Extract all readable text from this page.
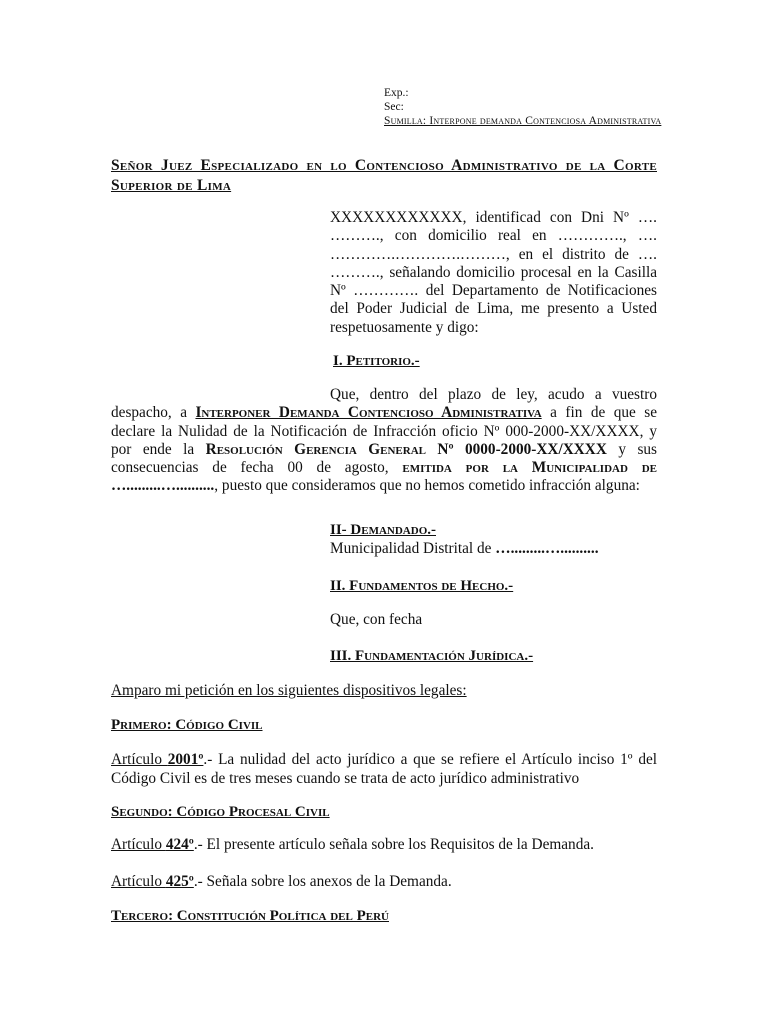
Exp.:

Sec:

Sumilla: Interpone demanda Contenciosa Administrativa

Señor Juez Especializado en lo Contencioso Administrativo de la Corte Superior de Lima

XXXXXXXXXXXX, identificad con Dni Nº …. ………., con domicilio real en …………., …. ………….………….………, en el distrito de …. ………., señalando domicilio procesal en la Casilla Nº …………. del Departamento de Notificaciones del Poder Judicial de Lima, me presento a Usted respetuosamente y digo:

I. Petitorio.-

Que, dentro del plazo de ley, acudo a vuestro despacho, a Interponer Demanda Contencioso Administrativa a fin de que se declare la Nulidad de la Notificación de Infracción oficio Nº 000-2000-XX/XXXX, y por ende la Resolución Gerencia General Nº 0000-2000-XX/XXXX y sus consecuencias de fecha 00 de agosto, emitida por la Municipalidad de ….........….........., puesto que consideramos que no hemos cometido infracción alguna:

II- Demandado.-

Municipalidad Distrital de ….........…..........

II. Fundamentos de Hecho.-

Que, con fecha

III. Fundamentación Jurídica.-

Amparo mi petición en los siguientes dispositivos legales:

Primero: Código Civil

Artículo 2001º.- La nulidad del acto jurídico a que se refiere el Artículo inciso 1º del Código Civil es de tres meses cuando se trata de acto jurídico administrativo

Segundo: Código Procesal Civil

Artículo 424º.- El presente artículo señala sobre los Requisitos de la Demanda.

Artículo 425º.- Señala sobre los anexos de la Demanda.

Tercero: Constitución Política del Perú
